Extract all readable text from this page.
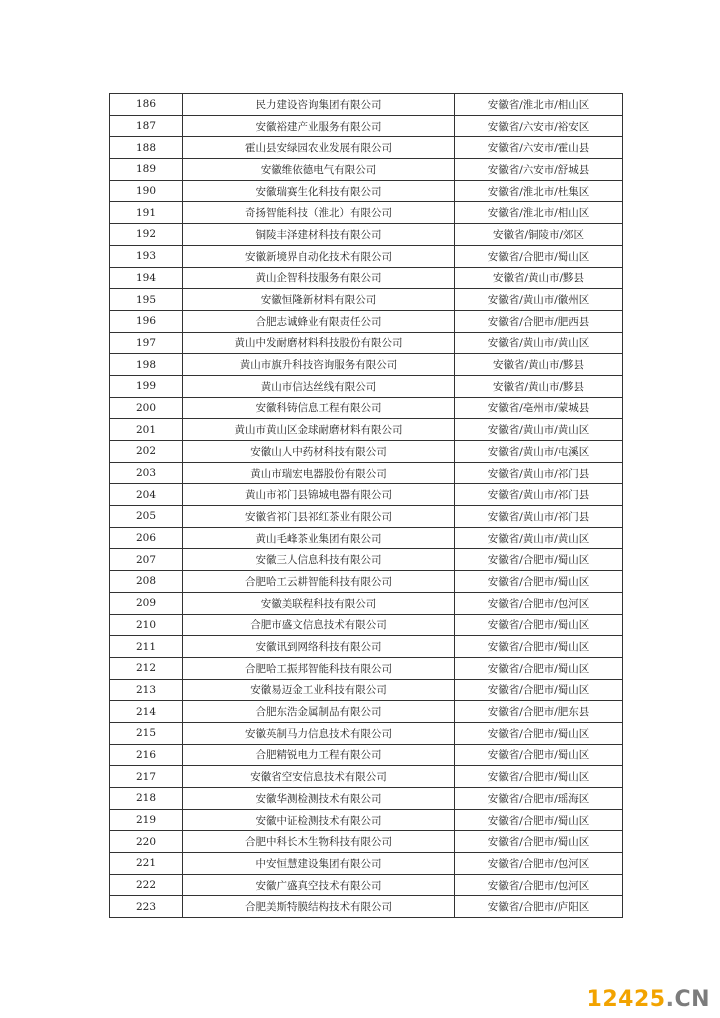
186	民力建设咨询集团有限公司	安徽省/淮北市/相山区
187	安徽裕建产业服务有限公司	安徽省/六安市/裕安区
188	霍山县安绿园农业发展有限公司	安徽省/六安市/霍山县
189	安徽维依德电气有限公司	安徽省/六安市/舒城县
190	安徽瑞赛生化科技有限公司	安徽省/淮北市/杜集区
191	奇扬智能科技（淮北）有限公司	安徽省/淮北市/相山区
192	铜陵丰泽建材科技有限公司	安徽省/铜陵市/郊区
193	安徽新境界自动化技术有限公司	安徽省/合肥市/蜀山区
194	黄山企智科技服务有限公司	安徽省/黄山市/黟县
195	安徽恒隆新材料有限公司	安徽省/黄山市/徽州区
196	合肥志诚蜂业有限责任公司	安徽省/合肥市/肥西县
197	黄山中发耐磨材料科技股份有限公司	安徽省/黄山市/黄山区
198	黄山市旗升科技咨询服务有限公司	安徽省/黄山市/黟县
199	黄山市信达丝线有限公司	安徽省/黄山市/黟县
200	安徽科铸信息工程有限公司	安徽省/亳州市/蒙城县
201	黄山市黄山区金球耐磨材料有限公司	安徽省/黄山市/黄山区
202	安徽山人中药材科技有限公司	安徽省/黄山市/屯溪区
203	黄山市瑞宏电器股份有限公司	安徽省/黄山市/祁门县
204	黄山市祁门县锦城电器有限公司	安徽省/黄山市/祁门县
205	安徽省祁门县祁红茶业有限公司	安徽省/黄山市/祁门县
206	黄山毛峰茶业集团有限公司	安徽省/黄山市/黄山区
207	安徽三人信息科技有限公司	安徽省/合肥市/蜀山区
208	合肥哈工云耕智能科技有限公司	安徽省/合肥市/蜀山区
209	安徽美联程科技有限公司	安徽省/合肥市/包河区
210	合肥市盛文信息技术有限公司	安徽省/合肥市/蜀山区
211	安徽讯到网络科技有限公司	安徽省/合肥市/蜀山区
212	合肥哈工振邦智能科技有限公司	安徽省/合肥市/蜀山区
213	安徽易迈金工业科技有限公司	安徽省/合肥市/蜀山区
214	合肥东浩金属制品有限公司	安徽省/合肥市/肥东县
215	安徽英制马力信息技术有限公司	安徽省/合肥市/蜀山区
216	合肥精锐电力工程有限公司	安徽省/合肥市/蜀山区
217	安徽省空安信息技术有限公司	安徽省/合肥市/蜀山区
218	安徽华测检测技术有限公司	安徽省/合肥市/瑶海区
219	安徽中证检测技术有限公司	安徽省/合肥市/蜀山区
220	合肥中科长木生物科技有限公司	安徽省/合肥市/蜀山区
221	中安恒慧建设集团有限公司	安徽省/合肥市/包河区
222	安徽广盛真空技术有限公司	安徽省/合肥市/包河区
223	合肥美斯特膜结构技术有限公司	安徽省/合肥市/庐阳区
12425.CN
